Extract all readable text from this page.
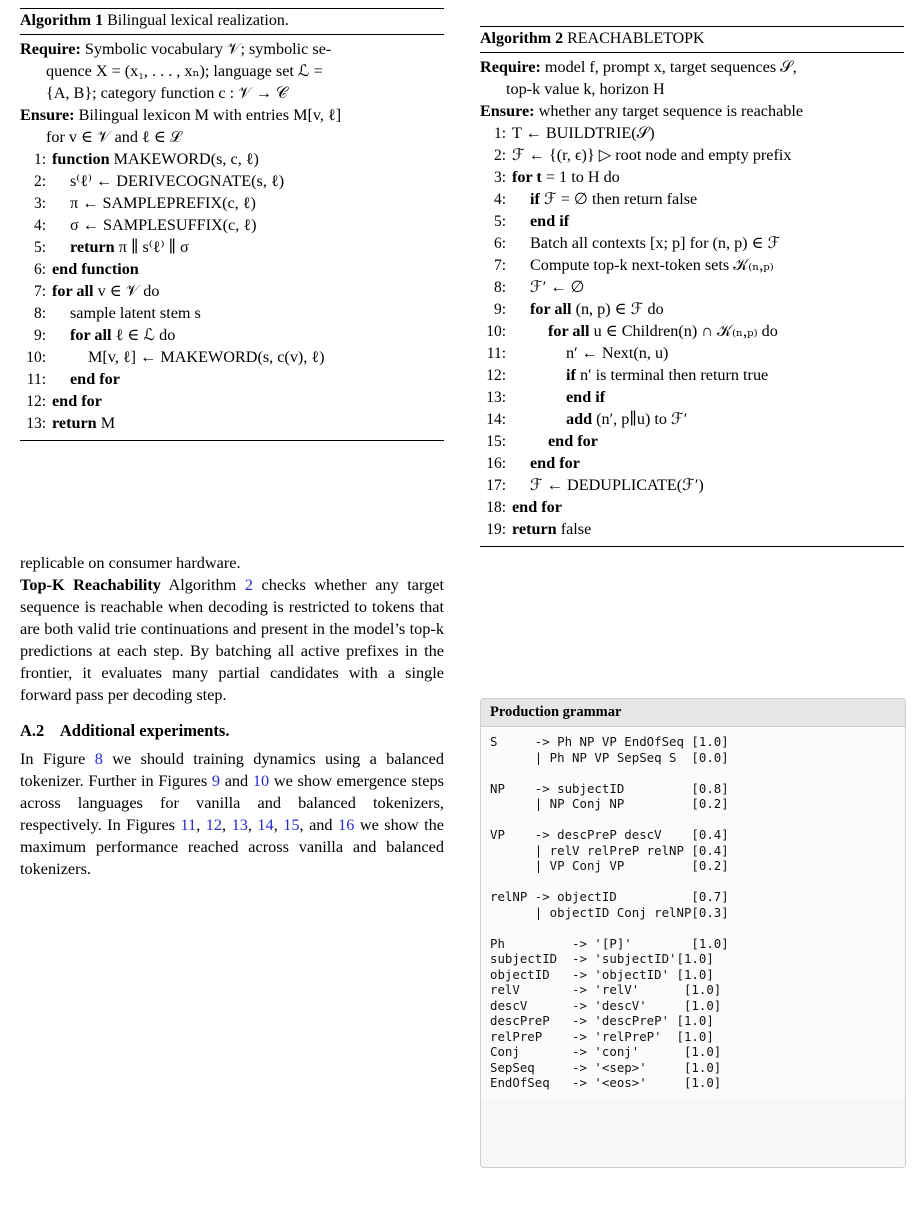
Algorithm 1 Bilingual lexical realization.
Require: Symbolic vocabulary 𝒱; symbolic se-
quence X = (x₁, . . . , xₙ); language set ℒ =
{A, B}; category function c : 𝒱 → 𝒞
Ensure: Bilingual lexicon M with entries M[v, ℓ]
for v ∈ 𝒱 and ℓ ∈ ℒ
1: function MAKEWORD(s, c, ℓ)
2: s⁽ℓ⁾ ← DERIVECOGNATE(s, ℓ)
3: π ← SAMPLEPREFIX(c, ℓ)
4: σ ← SAMPLESUFFIX(c, ℓ)
5: return π ∥ s⁽ℓ⁾ ∥ σ
6: end function
7: for all v ∈ 𝒱 do
8: sample latent stem s
9: for all ℓ ∈ ℒ do
10:	M[v, ℓ] ← MAKEWORD(s, c(v), ℓ)
11: end for
12: end for
13: return M
replicable on consumer hardware.
Top-K Reachability Algorithm 2 checks whether any target sequence is reachable when decoding is restricted to tokens that are both valid trie continuations and present in the model’s top-k predictions at each step. By batching all active prefixes in the frontier, it evaluates many partial candidates with a single forward pass per decoding step.
A.2 Additional experiments.
In Figure 8 we should training dynamics using a balanced tokenizer. Further in Figures 9 and 10 we show emergence steps across languages for vanilla and balanced tokenizers, respectively. In Figures 11, 12, 13, 14, 15, and 16 we show the maximum performance reached across vanilla and balanced tokenizers.
Algorithm 2 REACHABLETOPK
Require: model f, prompt x, target sequences 𝒮,
top-k value k, horizon H
Ensure: whether any target sequence is reachable
1: T ← BUILDTRIE(𝒮)
2: ℱ ← {(r, ϵ)} ▷ root node and empty prefix
3: for t = 1 to H do
4: if ℱ = ∅ then return false
5: end if
6: Batch all contexts [x; p] for (n, p) ∈ ℱ
7: Compute top-k next-token sets 𝒦₍ₙ,ₚ₎
8: ℱ′ ← ∅
9: for all (n, p) ∈ ℱ do
10:	for all u ∈ Children(n) ∩ 𝒦₍ₙ,ₚ₎ do
11:	n′ ← Next(n, u)
12:	if n′ is terminal then return true
13:	end if
14:	add (n′, p∥u) to ℱ′
15:	end for
16: end for
17: ℱ ← DEDUPLICATE(ℱ′)
18: end for
19: return false
Production grammar
S     -> Ph NP VP EndOfSeq [1.0]
| Ph NP VP SepSeq S  [0.0]

NP    -> subjectID         [0.8]
| NP Conj NP         [0.2]

VP    -> descPreP descV    [0.4]
| relV relPreP relNP [0.4]
| VP Conj VP         [0.2]

relNP -> objectID          [0.7]
| objectID Conj relNP[0.3]

Ph         -> '[P]'        [1.0]
subjectID  -> 'subjectID'[1.0]
objectID   -> 'objectID' [1.0]
relV       -> 'relV'      [1.0]
descV      -> 'descV'     [1.0]
descPreP   -> 'descPreP' [1.0]
relPreP    -> 'relPreP'  [1.0]
Conj       -> 'conj'      [1.0]
SepSeq     -> '<sep>'     [1.0]
EndOfSeq   -> '<eos>'     [1.0]
